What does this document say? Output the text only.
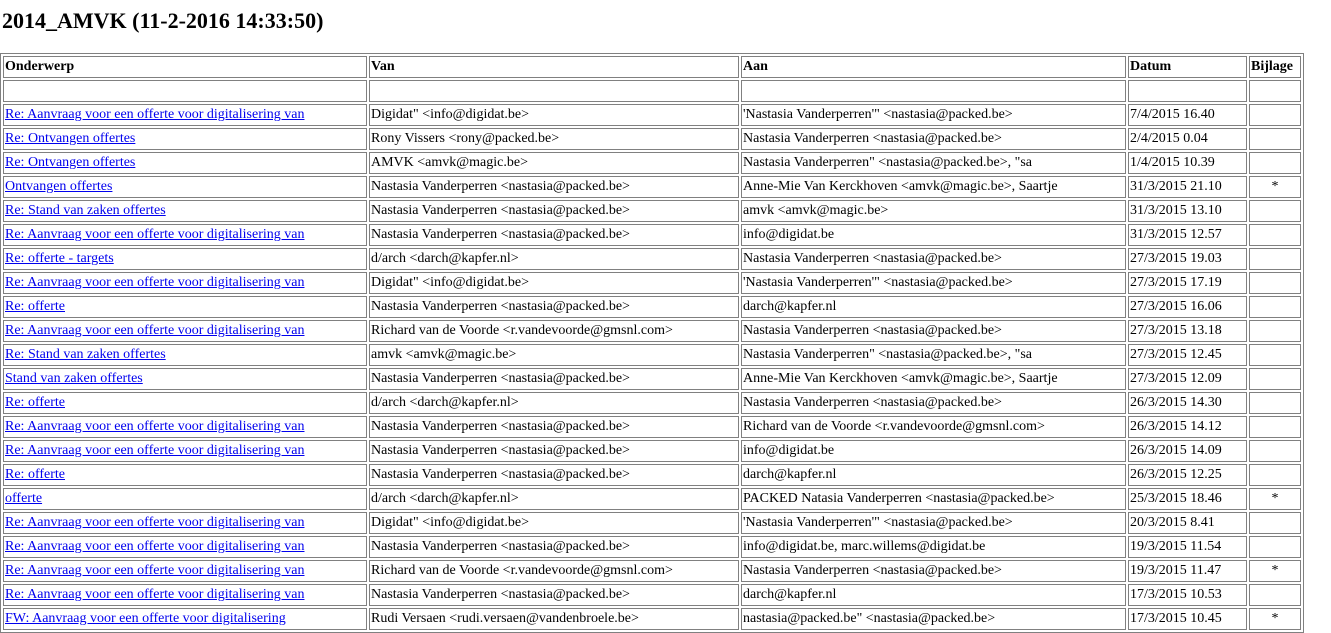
2014_AMVK (11-2-2016 14:33:50)
Onderwerp	Van	Aan	Datum	Bijlage

Re: Aanvraag voor een offerte voor digitalisering van	Digidat" <info@digidat.be>	'Nastasia Vanderperren'" <nastasia@packed.be>	7/4/2015 16.40	
Re: Ontvangen offertes	Rony Vissers <rony@packed.be>	Nastasia Vanderperren <nastasia@packed.be>	2/4/2015 0.04	
Re: Ontvangen offertes	AMVK <amvk@magic.be>	Nastasia Vanderperren" <nastasia@packed.be>, "sa	1/4/2015 10.39	
Ontvangen offertes	Nastasia Vanderperren <nastasia@packed.be>	Anne-Mie Van Kerckhoven <amvk@magic.be>, Saartje	31/3/2015 21.10	*
Re: Stand van zaken offertes	Nastasia Vanderperren <nastasia@packed.be>	amvk <amvk@magic.be>	31/3/2015 13.10	
Re: Aanvraag voor een offerte voor digitalisering van	Nastasia Vanderperren <nastasia@packed.be>	info@digidat.be	31/3/2015 12.57	
Re: offerte - targets	d/arch <darch@kapfer.nl>	Nastasia Vanderperren <nastasia@packed.be>	27/3/2015 19.03	
Re: Aanvraag voor een offerte voor digitalisering van	Digidat" <info@digidat.be>	'Nastasia Vanderperren'" <nastasia@packed.be>	27/3/2015 17.19	
Re: offerte	Nastasia Vanderperren <nastasia@packed.be>	darch@kapfer.nl	27/3/2015 16.06	
Re: Aanvraag voor een offerte voor digitalisering van	Richard van de Voorde <r.vandevoorde@gmsnl.com>	Nastasia Vanderperren <nastasia@packed.be>	27/3/2015 13.18	
Re: Stand van zaken offertes	amvk <amvk@magic.be>	Nastasia Vanderperren" <nastasia@packed.be>, "sa	27/3/2015 12.45	
Stand van zaken offertes	Nastasia Vanderperren <nastasia@packed.be>	Anne-Mie Van Kerckhoven <amvk@magic.be>, Saartje	27/3/2015 12.09	
Re: offerte	d/arch <darch@kapfer.nl>	Nastasia Vanderperren <nastasia@packed.be>	26/3/2015 14.30	
Re: Aanvraag voor een offerte voor digitalisering van	Nastasia Vanderperren <nastasia@packed.be>	Richard van de Voorde <r.vandevoorde@gmsnl.com>	26/3/2015 14.12	
Re: Aanvraag voor een offerte voor digitalisering van	Nastasia Vanderperren <nastasia@packed.be>	info@digidat.be	26/3/2015 14.09	
Re: offerte	Nastasia Vanderperren <nastasia@packed.be>	darch@kapfer.nl	26/3/2015 12.25	
offerte	d/arch <darch@kapfer.nl>	PACKED Natasia Vanderperren <nastasia@packed.be>	25/3/2015 18.46	*
Re: Aanvraag voor een offerte voor digitalisering van	Digidat" <info@digidat.be>	'Nastasia Vanderperren'" <nastasia@packed.be>	20/3/2015 8.41	
Re: Aanvraag voor een offerte voor digitalisering van	Nastasia Vanderperren <nastasia@packed.be>	info@digidat.be, marc.willems@digidat.be	19/3/2015 11.54	
Re: Aanvraag voor een offerte voor digitalisering van	Richard van de Voorde <r.vandevoorde@gmsnl.com>	Nastasia Vanderperren <nastasia@packed.be>	19/3/2015 11.47	*
Re: Aanvraag voor een offerte voor digitalisering van	Nastasia Vanderperren <nastasia@packed.be>	darch@kapfer.nl	17/3/2015 10.53	
FW: Aanvraag voor een offerte voor digitalisering	Rudi Versaen <rudi.versaen@vandenbroele.be>	nastasia@packed.be" <nastasia@packed.be>	17/3/2015 10.45	*
